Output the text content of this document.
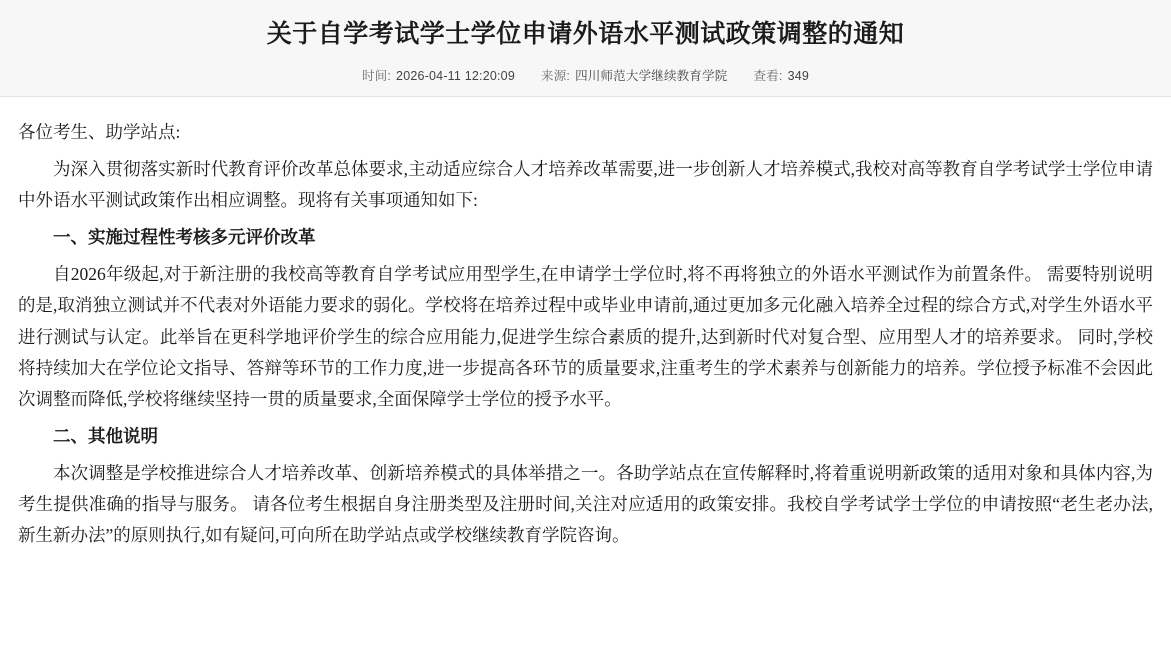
关于自学考试学士学位申请外语水平测试政策调整的通知
时间: 2026-04-11 12:20:09 来源: 四川师范大学继续教育学院 查看: 349

各位考生、助学站点:

为深入贯彻落实新时代教育评价改革总体要求,主动适应综合人才培养改革需要,进一步创新人才培养模式,我校对高等教育自学考试学士学位申请中外语水平测试政策作出相应调整。现将有关事项通知如下:

一、实施过程性考核多元评价改革

自2026年级起,对于新注册的我校高等教育自学考试应用型学生,在申请学士学位时,将不再将独立的外语水平测试作为前置条件。 需要特别说明的是,取消独立测试并不代表对外语能力要求的弱化。学校将在培养过程中或毕业申请前,通过更加多元化融入培养全过程的综合方式,对学生外语水平进行测试与认定。此举旨在更科学地评价学生的综合应用能力,促进学生综合素质的提升,达到新时代对复合型、应用型人才的培养要求。 同时,学校将持续加大在学位论文指导、答辩等环节的工作力度,进一步提高各环节的质量要求,注重考生的学术素养与创新能力的培养。学位授予标准不会因此次调整而降低,学校将继续坚持一贯的质量要求,全面保障学士学位的授予水平。

二、其他说明

本次调整是学校推进综合人才培养改革、创新培养模式的具体举措之一。各助学站点在宣传解释时,将着重说明新政策的适用对象和具体内容,为考生提供准确的指导与服务。 请各位考生根据自身注册类型及注册时间,关注对应适用的政策安排。我校自学考试学士学位的申请按照“老生老办法,新生新办法”的原则执行,如有疑问,可向所在助学站点或学校继续教育学院咨询。
